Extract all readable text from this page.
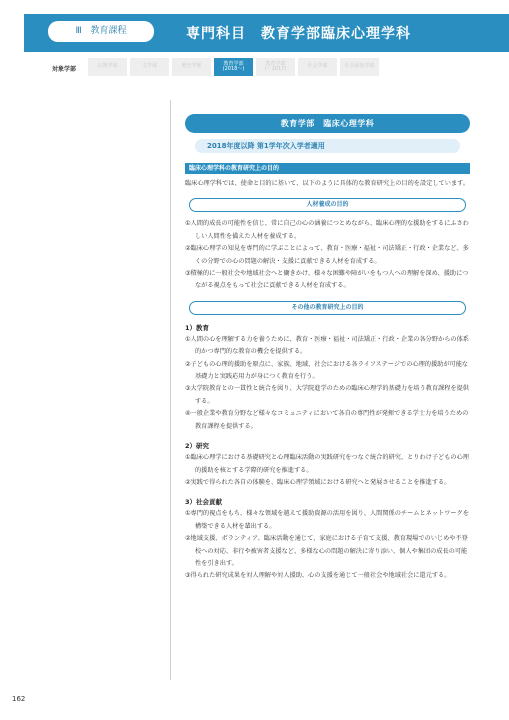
Ⅲ 教育課程	専門科目　教育学部臨床心理学科
対象学部	仏教学部	文学部	歴史学部	教育学部
(2018〜)
教育学部
(〜2017)	社会学部	社会福祉学部
教育学部　臨床心理学科
2018年度以降 第1学年次入学者適用
臨床心理学科の教育研究上の目的

臨床心理学科では、使命と目的に基いて、以下のように具体的な教育研究上の目的を設定しています。

人材養成の目的

①人間的成長の可能性を信じ、常に自己の心の涵養につとめながら、臨床心理的な援助をするにふさわしい人間性を備えた人材を養成する。

②臨床心理学の知見を専門的に学ぶことによって、教育・医療・福祉・司法矯正・行政・企業など、多くの分野での心の問題の解決・支援に貢献できる人材を育成する。

③積極的に一般社会や地域社会へと働きかけ、様々な困難や障がいをもつ人への理解を深め、援助につながる視点をもって社会に貢献できる人材を育成する。

その他の教育研究上の目的
1）教育

①人間の心を理解する力を養うために、教育・医療・福祉・司法矯正・行政・企業の各分野からの体系的かつ専門的な教育の機会を提供する。

②子どもの心理的援助を原点に、家族、地域、社会における各ライフステージでの心理的援助が可能な基礎力と実践応用力が身につく教育を行う。

③大学院教育との一貫性と統合を図り、大学院進学のための臨床心理学的基礎力を培う教育課程を提供する。

④一般企業や教育分野など様々なコミュニティにおいて各自の専門性が発揮できる学士力を培うための教育課程を提供する。

2）研究

①臨床心理学における基礎研究と心理臨床活動の実践研究をつなぐ統合的研究、とりわけ子どもの心理的援助を核とする学際的研究を推進する。

②実践で得られた各自の体験を、臨床心理学領域における研究へと発展させることを推進する。

3）社会貢献

①専門的視点をもち、様々な領域を越えて援助資源の活用を図り、人間関係のチームとネットワークを構築できる人材を輩出する。

②地域支援、ボランティア、臨床活動を通じて、家庭における子育て支援、教育現場でのいじめや不登校への対応、非行や被害者支援など、多様な心の問題の解決に寄り添い、個人や集団の成長の可能性を引き出す。

③得られた研究成果を対人理解や対人援助、心の支援を通じて一般社会や地域社会に還元する。

162
